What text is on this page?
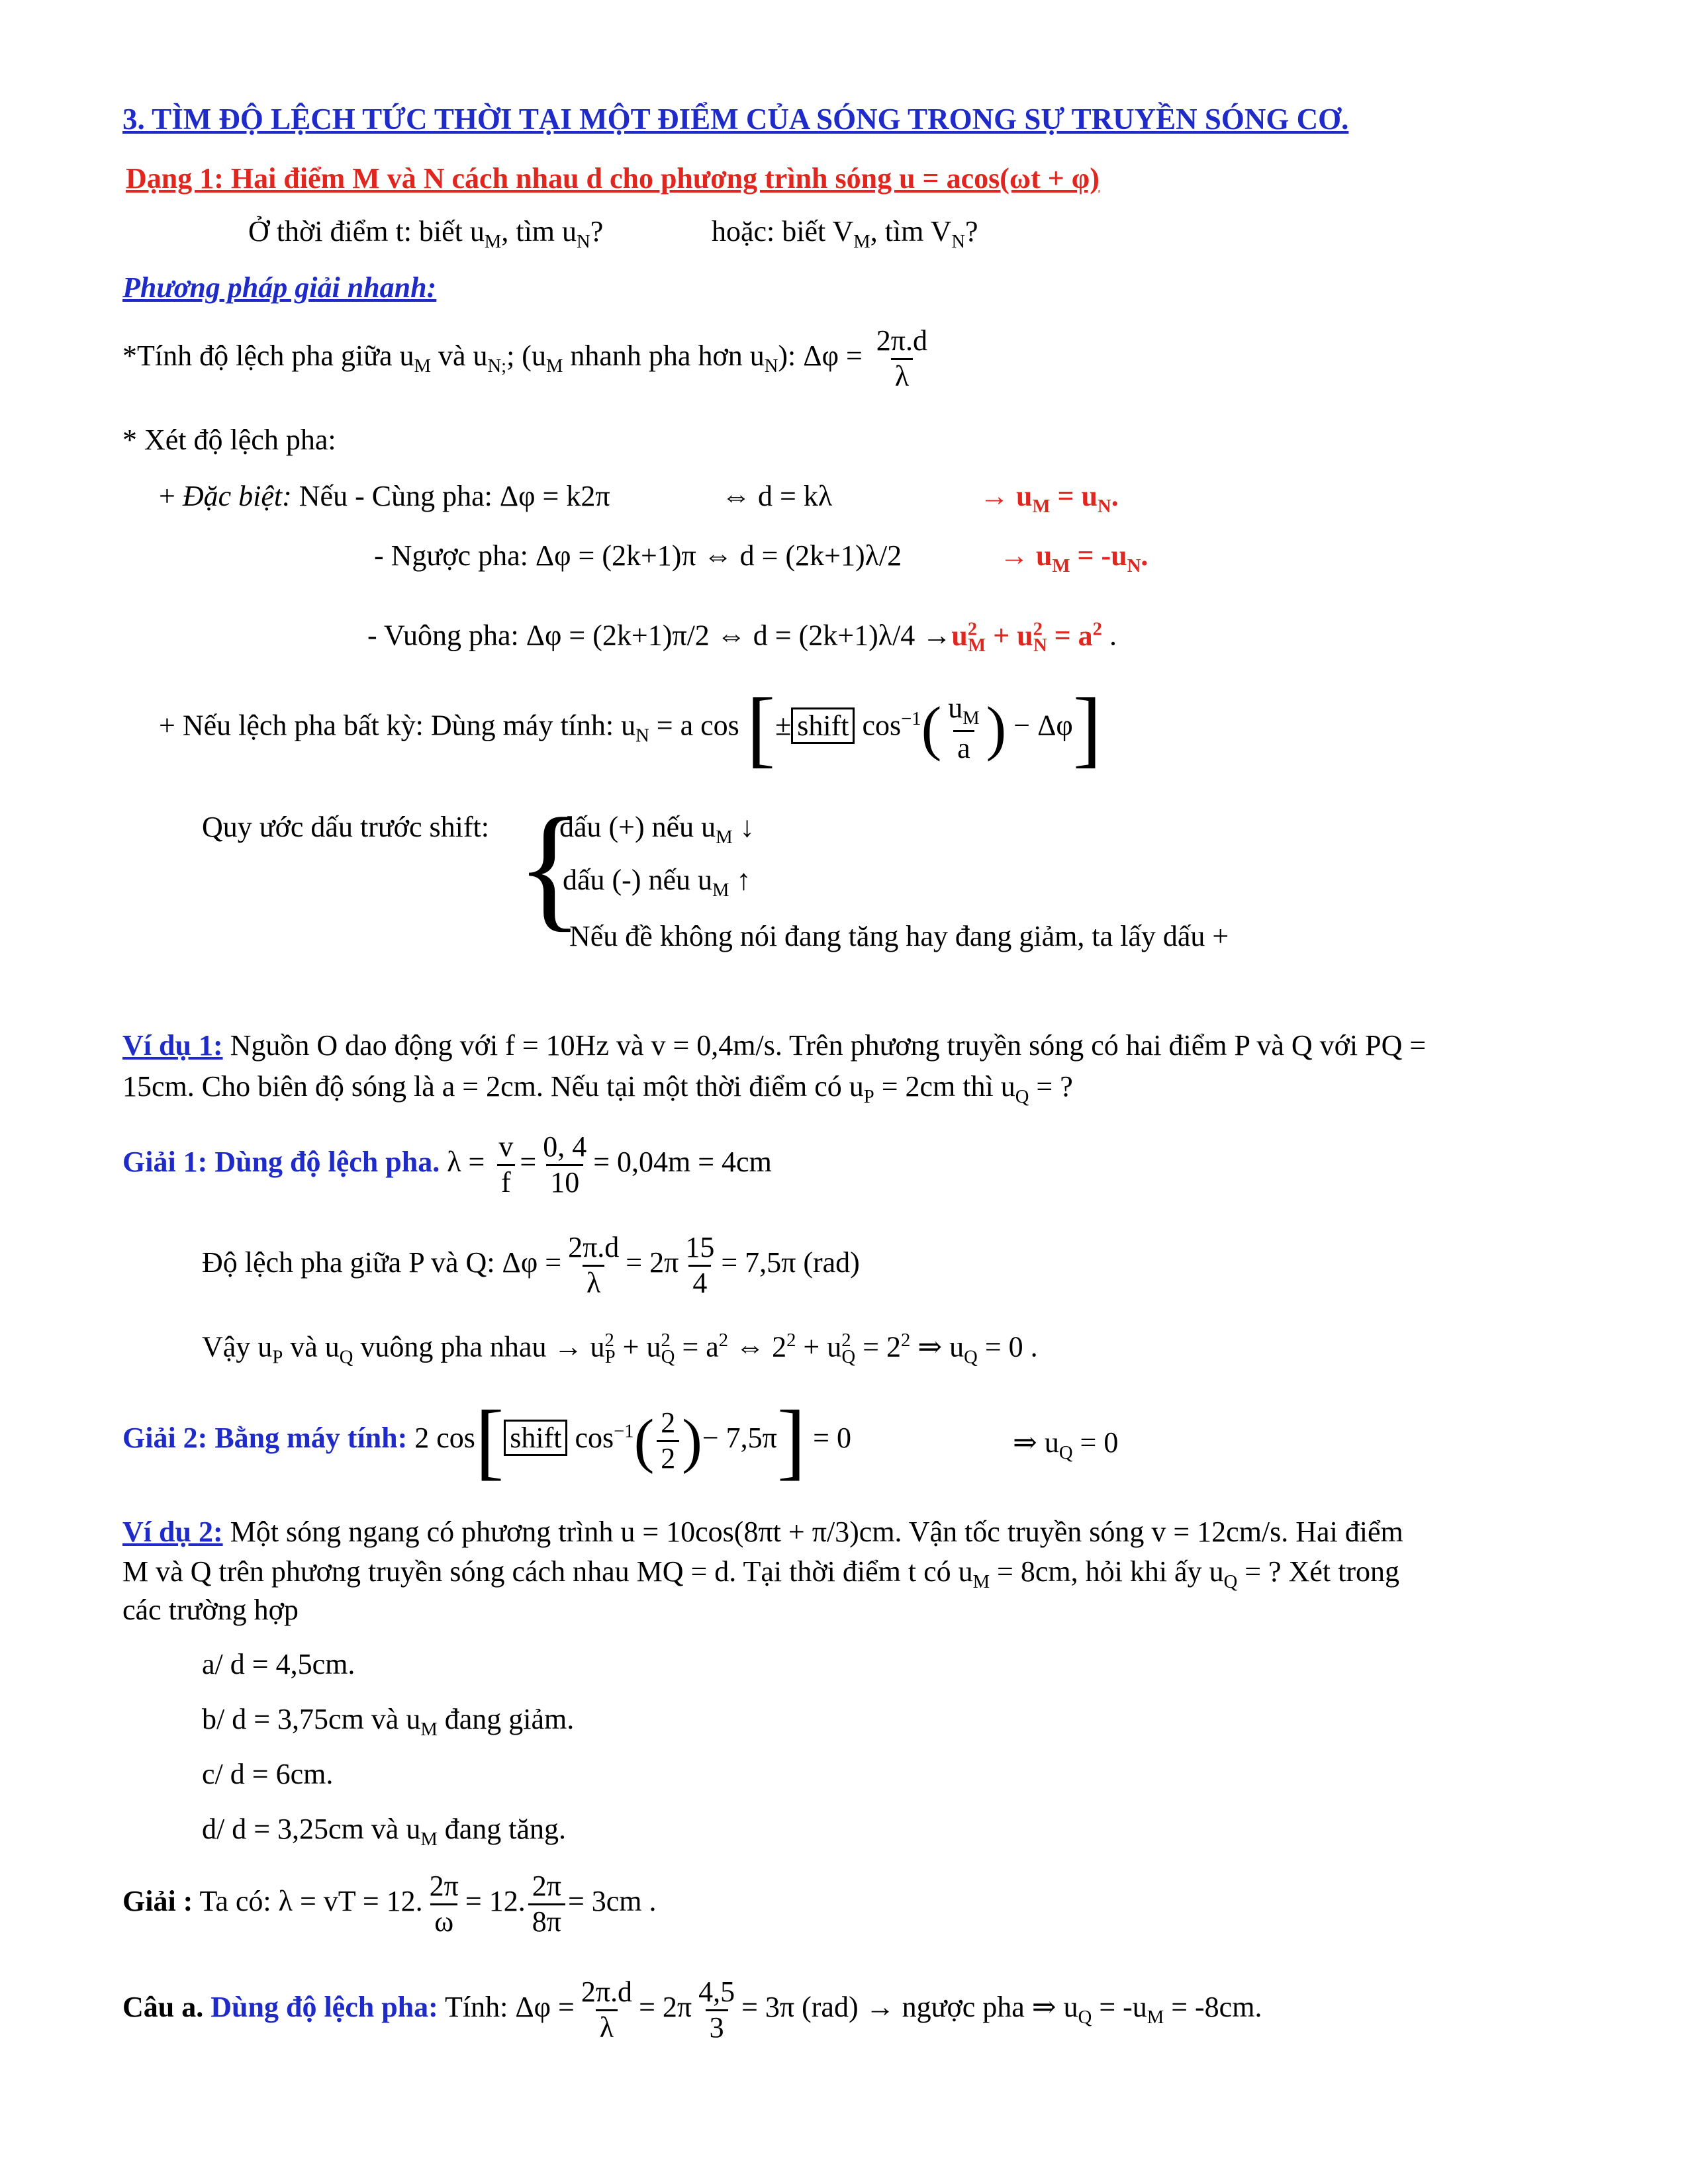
3. TÌM ĐỘ LỆCH TỨC THỜI TẠI MỘT ĐIỂM CỦA SÓNG TRONG SỰ TRUYỀN SÓNG CƠ.
Dạng 1: Hai điểm M và N cách nhau d cho phương trình sóng u = acos(ωt + φ)
Ở thời điểm t: biết $u_M$, tìm $u_N$?	hoặc: biết $V_M$, tìm $V_N$?
Phương pháp giải nhanh:
*Tính độ lệch pha giữa $u_M$ và $u_{N;}$; ($u_M$ nhanh pha hơn $u_N$): $\Delta\varphi = \frac{2\pi.d}{\lambda}$
* Xét độ lệch pha:
+ Đặc biệt: Nếu - Cùng pha: Δφ = k2π	⇔ d = kλ	→ $u_M = u_N$.
- Ngược pha: Δφ = (2k+1)π ⇔ d = (2k+1)λ/2	→ $u_M = -u_N$.
- Vuông pha: Δφ = (2k+1)π/2 ⇔ $d = (2k+1)\lambda/4 \to u^2_M + u^2_N = a^2$ .
+ Nếu lệch pha bất kỳ: Dùng máy tính: $u_N = a$ cos [± shift $\cos^{-1}( \frac{u_M}{a}$ ) − Δφ]
Quy ước dấu trước shift: {
dấu (+) nếu $u_M$ ↓
dấu (-) nếu $u_M$ ↑
Nếu đề không nói đang tăng hay đang giảm, ta lấy dấu +
Ví dụ 1: Nguồn O dao động với f = 10Hz và v = 0,4m/s. Trên phương truyền sóng có hai điểm P và Q với PQ =
15cm. Cho biên độ sóng là a = 2cm. Nếu tại một thời điểm có $u_P = 2cm$ thì $u_Q$ = ?
Giải 1: Dùng độ lệch pha. $\lambda = \frac{v}{f} = \frac{0, 4}{10} = 0,04m = 4cm$
Độ lệch pha giữa P và Q: $\Delta\varphi = \frac{2\pi.d}{\lambda} = 2\pi \frac{15}{4} = 7,5\pi$ (rad)
Vậy $u_P$ và $u_Q$ vuông pha nhau → $u^2_P + u^2_Q = a^2$ ⇔ $2^2 + u^2_Q = 2^2$ ⇒ $u_Q = 0$ .
Giải 2: Bằng máy tính: 2 cos[ shift $\cos^{-1}( \frac{2}{2}$ )− 7,5π] = 0	⇒ $u_Q = 0$
Ví dụ 2: Một sóng ngang có phương trình u = 10cos(8πt + π/3)cm. Vận tốc truyền sóng v = 12cm/s. Hai điểm
M và Q trên phương truyền sóng cách nhau MQ = d. Tại thời điểm t có $u_M = 8cm$, hỏi khi ấy $u_Q$ = ? Xét trong
các trường hợp
a/ d = 4,5cm.
b/ d = 3,75cm và $u_M$ đang giảm.
c/ d = 6cm.
d/ d = 3,25cm và $u_M$ đang tăng.
Giải : Ta có: λ = vT = 12. $\frac{2\pi}{\omega} = 12$. $\frac{2\pi}{8\pi} = 3cm$ .
Câu a. Dùng độ lệch pha: Tính: $\Delta\varphi = \frac{2\pi.d}{\lambda} = 2\pi \frac{4,5}{3} = 3\pi$ (rad) → ngược pha ⇒ $u_Q = -u_M = -8cm$.
